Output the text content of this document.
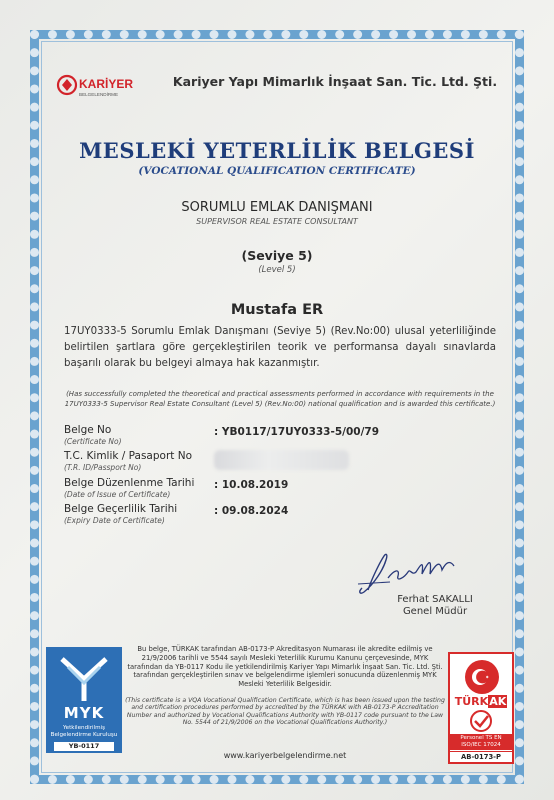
KARİYER
BELGELENDİRME
Kariyer Yapı Mimarlık İnşaat San. Tic. Ltd. Şti.
MESLEKİ YETERLİLİK BELGESİ
(VOCATIONAL QUALIFICATION CERTIFICATE)
SORUMLU EMLAK DANIŞMANI
SUPERVISOR REAL ESTATE CONSULTANT
(Seviye 5)
(Level 5)
Mustafa ER
17UY0333-5 Sorumlu Emlak Danışmanı (Seviye 5) (Rev.No:00) ulusal yeterliliğinde belirtilen şartlara göre gerçekleştirilen teorik ve performansa dayalı sınavlarda başarılı olarak bu belgeyi almaya hak kazanmıştır.
(Has successfully completed the theoretical and practical assessments performed in accordance with requirements in the 17UY0333-5 Supervisor Real Estate Consultant (Level 5) (Rev.No:00) national qualification and is awarded this certificate.)
Belge No
(Certificate No)
: YB0117/17UY0333-5/00/79
T.C. Kimlik / Pasaport No
(T.R. ID/Passport No)
Belge Düzenlenme Tarihi
(Date of Issue of Certificate)
: 10.08.2019
Belge Geçerlilik Tarihi
(Expiry Date of Certificate)
: 09.08.2024
Ferhat SAKALLI
Genel Müdür
MYK
Yetkilendirilmiş Belgelendirme Kuruluşu
YB-0117
Bu belge, TÜRKAK tarafından AB-0173-P Akreditasyon Numarası ile akredite edilmiş ve 21/9/2006 tarihli ve 5544 sayılı Mesleki Yeterlilik Kurumu Kanunu çerçevesinde, MYK tarafından da YB-0117 Kodu ile yetkilendirilmiş Kariyer Yapı Mimarlık İnşaat San. Tic. Ltd. Şti. tarafından gerçekleştirilen sınav ve belgelendirme işlemleri sonucunda düzenlenmiş MYK Mesleki Yeterlilik Belgesidir.
(This certificate is a VQA Vocational Qualification Certificate, which is has been issued upon the testing and certification procedures performed by accredited by the TÜRKAK with AB-0173-P Accreditation Number and authorized by Vocational Qualifications Authority with YB-0117 code pursuant to the Law No. 5544 of 21/9/2006 on the Vocational Qualifications Authority.)
www.kariyerbelgelendirme.net
TÜRKAK
Personel TS EN ISO/IEC 17024
AB-0173-P
